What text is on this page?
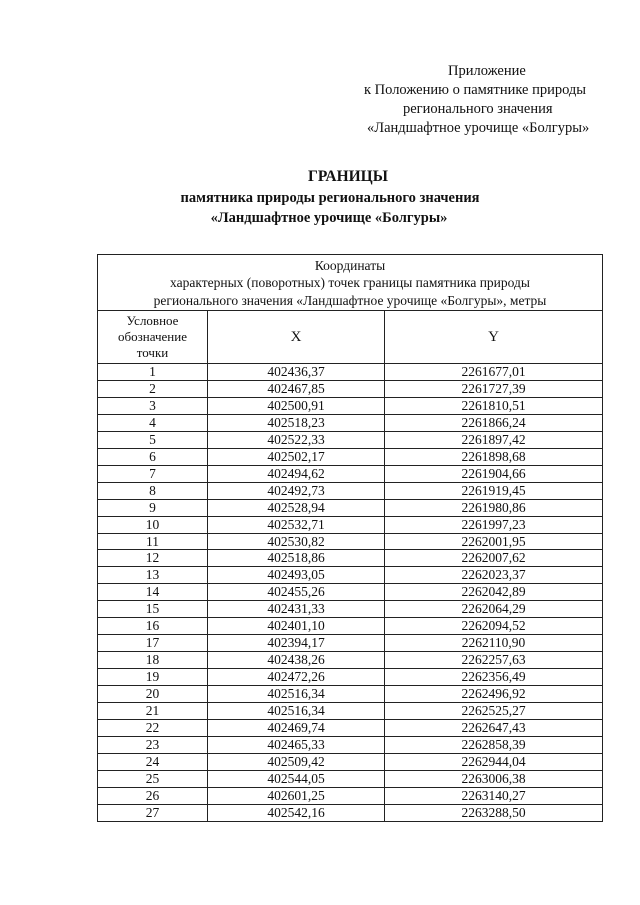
Приложение
к Положению о памятнике природы
регионального значения
«Ландшафтное урочище «Болгуры»
ГРАНИЦЫ
памятника природы регионального значения
«Ландшафтное урочище «Болгуры»
Координаты
характерных (поворотных) точек границы памятника природы
регионального значения «Ландшафтное урочище «Болгуры», метры		
Условное
обозначение
точки	X	Y
1	402436,37	2261677,01
2	402467,85	2261727,39
3	402500,91	2261810,51
4	402518,23	2261866,24
5	402522,33	2261897,42
6	402502,17	2261898,68
7	402494,62	2261904,66
8	402492,73	2261919,45
9	402528,94	2261980,86
10	402532,71	2261997,23
11	402530,82	2262001,95
12	402518,86	2262007,62
13	402493,05	2262023,37
14	402455,26	2262042,89
15	402431,33	2262064,29
16	402401,10	2262094,52
17	402394,17	2262110,90
18	402438,26	2262257,63
19	402472,26	2262356,49
20	402516,34	2262496,92
21	402516,34	2262525,27
22	402469,74	2262647,43
23	402465,33	2262858,39
24	402509,42	2262944,04
25	402544,05	2263006,38
26	402601,25	2263140,27
27	402542,16	2263288,50
